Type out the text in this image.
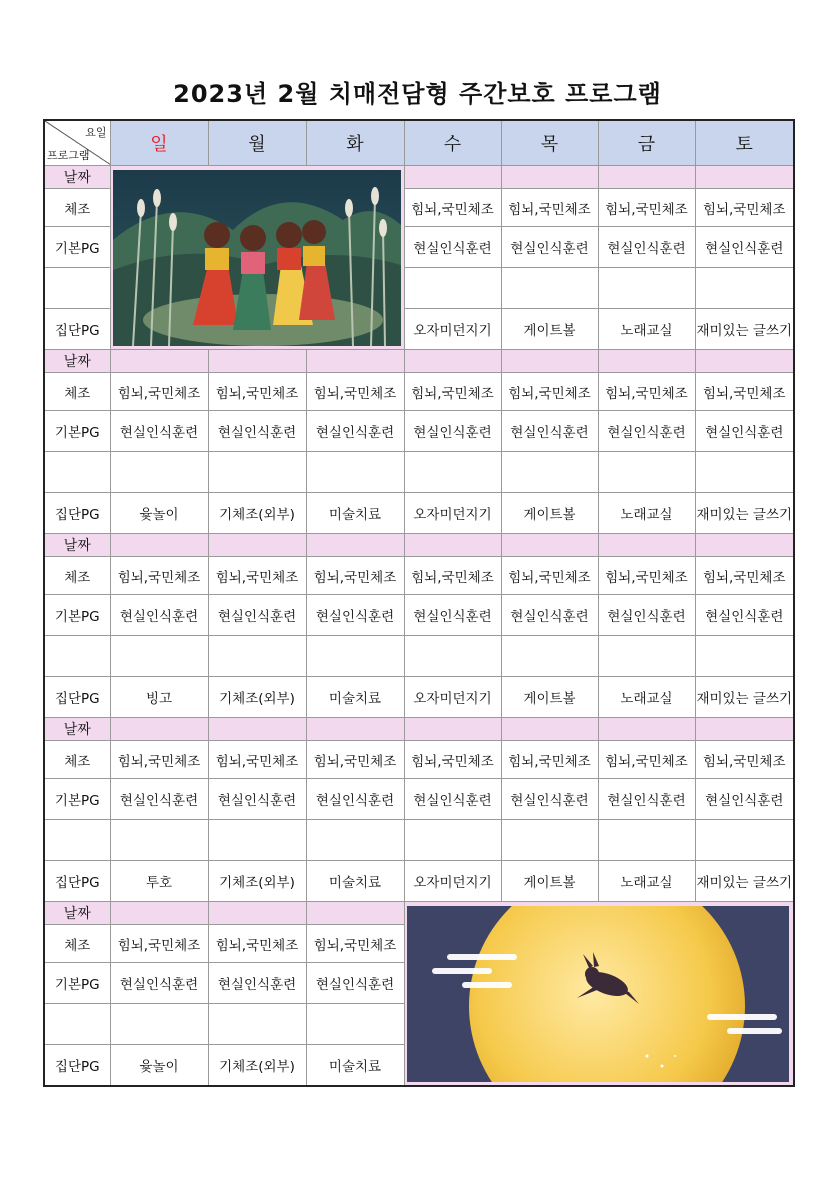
2023년 2월 치매전담형 주간보호 프로그램
요일
프로그램	일	월	화	수	목	금	토
날짜	

체조				힘뇌,국민체조	힘뇌,국민체조	힘뇌,국민체조	힘뇌,국민체조
기본PG				현실인식훈련	현실인식훈련	현실인식훈련	현실인식훈련

집단PG				오자미던지기	게이트볼	노래교실	재미있는 글쓰기
날짜							
체조	힘뇌,국민체조	힘뇌,국민체조	힘뇌,국민체조	힘뇌,국민체조	힘뇌,국민체조	힘뇌,국민체조	힘뇌,국민체조
기본PG	현실인식훈련	현실인식훈련	현실인식훈련	현실인식훈련	현실인식훈련	현실인식훈련	현실인식훈련

집단PG	윷놀이	기체조(외부)	미술치료	오자미던지기	게이트볼	노래교실	재미있는 글쓰기
날짜							
체조	힘뇌,국민체조	힘뇌,국민체조	힘뇌,국민체조	힘뇌,국민체조	힘뇌,국민체조	힘뇌,국민체조	힘뇌,국민체조
기본PG	현실인식훈련	현실인식훈련	현실인식훈련	현실인식훈련	현실인식훈련	현실인식훈련	현실인식훈련

집단PG	빙고	기체조(외부)	미술치료	오자미던지기	게이트볼	노래교실	재미있는 글쓰기
날짜							
체조	힘뇌,국민체조	힘뇌,국민체조	힘뇌,국민체조	힘뇌,국민체조	힘뇌,국민체조	힘뇌,국민체조	힘뇌,국민체조
기본PG	현실인식훈련	현실인식훈련	현실인식훈련	현실인식훈련	현실인식훈련	현실인식훈련	현실인식훈련

집단PG	투호	기체조(외부)	미술치료	오자미던지기	게이트볼	노래교실	재미있는 글쓰기
날짜				

체조	힘뇌,국민체조	힘뇌,국민체조	힘뇌,국민체조				
기본PG	현실인식훈련	현실인식훈련	현실인식훈련				

집단PG	윷놀이	기체조(외부)	미술치료				
